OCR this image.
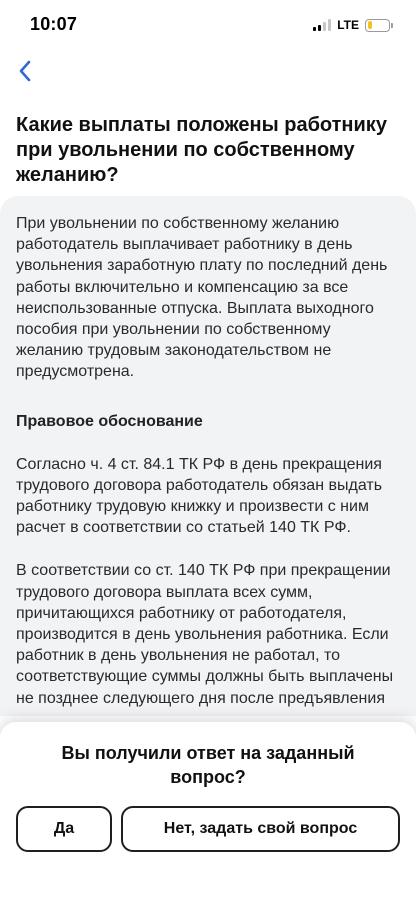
10:07	LTE
Какие выплаты положены работнику при увольнении по собственному желанию?

При увольнении по собственному желанию работодатель выплачивает работнику в день увольнения заработную плату по последний день работы включительно и компенсацию за все неиспользованные отпуска. Выплата выходного пособия при увольнении по собственному желанию трудовым законодательством не предусмотрена.

Правовое обоснование

Согласно ч. 4 ст. 84.1 ТК РФ в день прекращения трудового договора работодатель обязан выдать работнику трудовую книжку и произвести с ним расчет в соответствии со статьей 140 ТК РФ.

В соответствии со ст. 140 ТК РФ при прекращении трудового договора выплата всех сумм, причитающихся работнику от работодателя, производится в день увольнения работника. Если работник в день увольнения не работал, то соответствующие суммы должны быть выплачены не позднее следующего дня после предъявления

Вы получили ответ на заданный вопрос?
Да	Нет, задать свой вопрос
